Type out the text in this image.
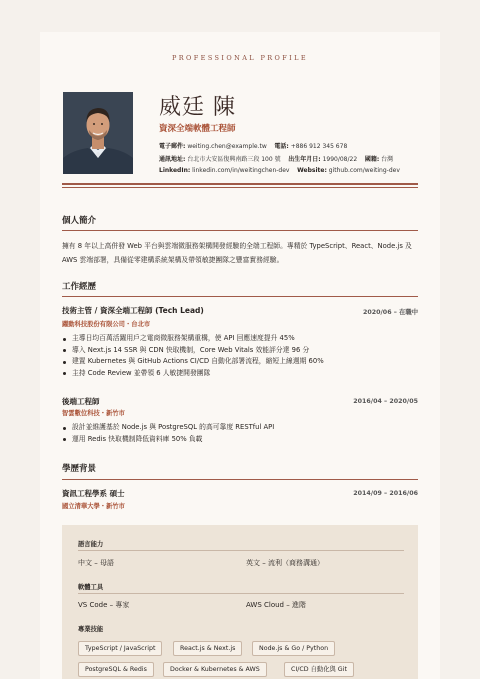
PROFESSIONAL PROFILE
威廷 陳
資深全端軟體工程師
電子郵件: weiting.chen@example.tw 電話: +886 912 345 678
通訊地址: 台北市大安區復興南路三段 100 號 出生年月日: 1990/08/22 國籍: 台灣
LinkedIn: linkedin.com/in/weitingchen-dev Website: github.com/weiting-dev
個人簡介
擁有 8 年以上高併發 Web 平台與雲端微服務架構開發經驗的全端工程師。專精於 TypeScript、React、Node.js 及 AWS 雲端部署，具備從零建構系統架構及帶領敏捷團隊之豐富實務經驗。
工作經歷
技術主管 / 資深全端工程師 (Tech Lead)	2020/06 – 在職中
躍動科技股份有限公司・台北市
主導日均百萬活躍用戶之電商微服務架構重構，使 API 回應速度提升 45%
導入 Next.js 14 SSR 與 CDN 快取機制，Core Web Vitals 效能評分達 96 分
建置 Kubernetes 與 GitHub Actions CI/CD 自動化部署流程，縮短上線週期 60%
主持 Code Review 並帶領 6 人敏捷開發團隊
後端工程師	2016/04 – 2020/05
智雲數位科技・新竹市
設計並維護基於 Node.js 與 PostgreSQL 的高可靠度 RESTful API
運用 Redis 快取機制降低資料庫 50% 負載
學歷背景
資訊工程學系 碩士	2014/09 – 2016/06
國立清華大學・新竹市
語言能力
中文 – 母語	英文 – 流利（商務溝通）
軟體工具
VS Code – 專家	AWS Cloud – 進階
專業技能
TypeScript / JavaScript	React.js & Next.js	Node.js & Go / Python
PostgreSQL & Redis	Docker & Kubernetes & AWS	CI/CD 自動化與 Git
